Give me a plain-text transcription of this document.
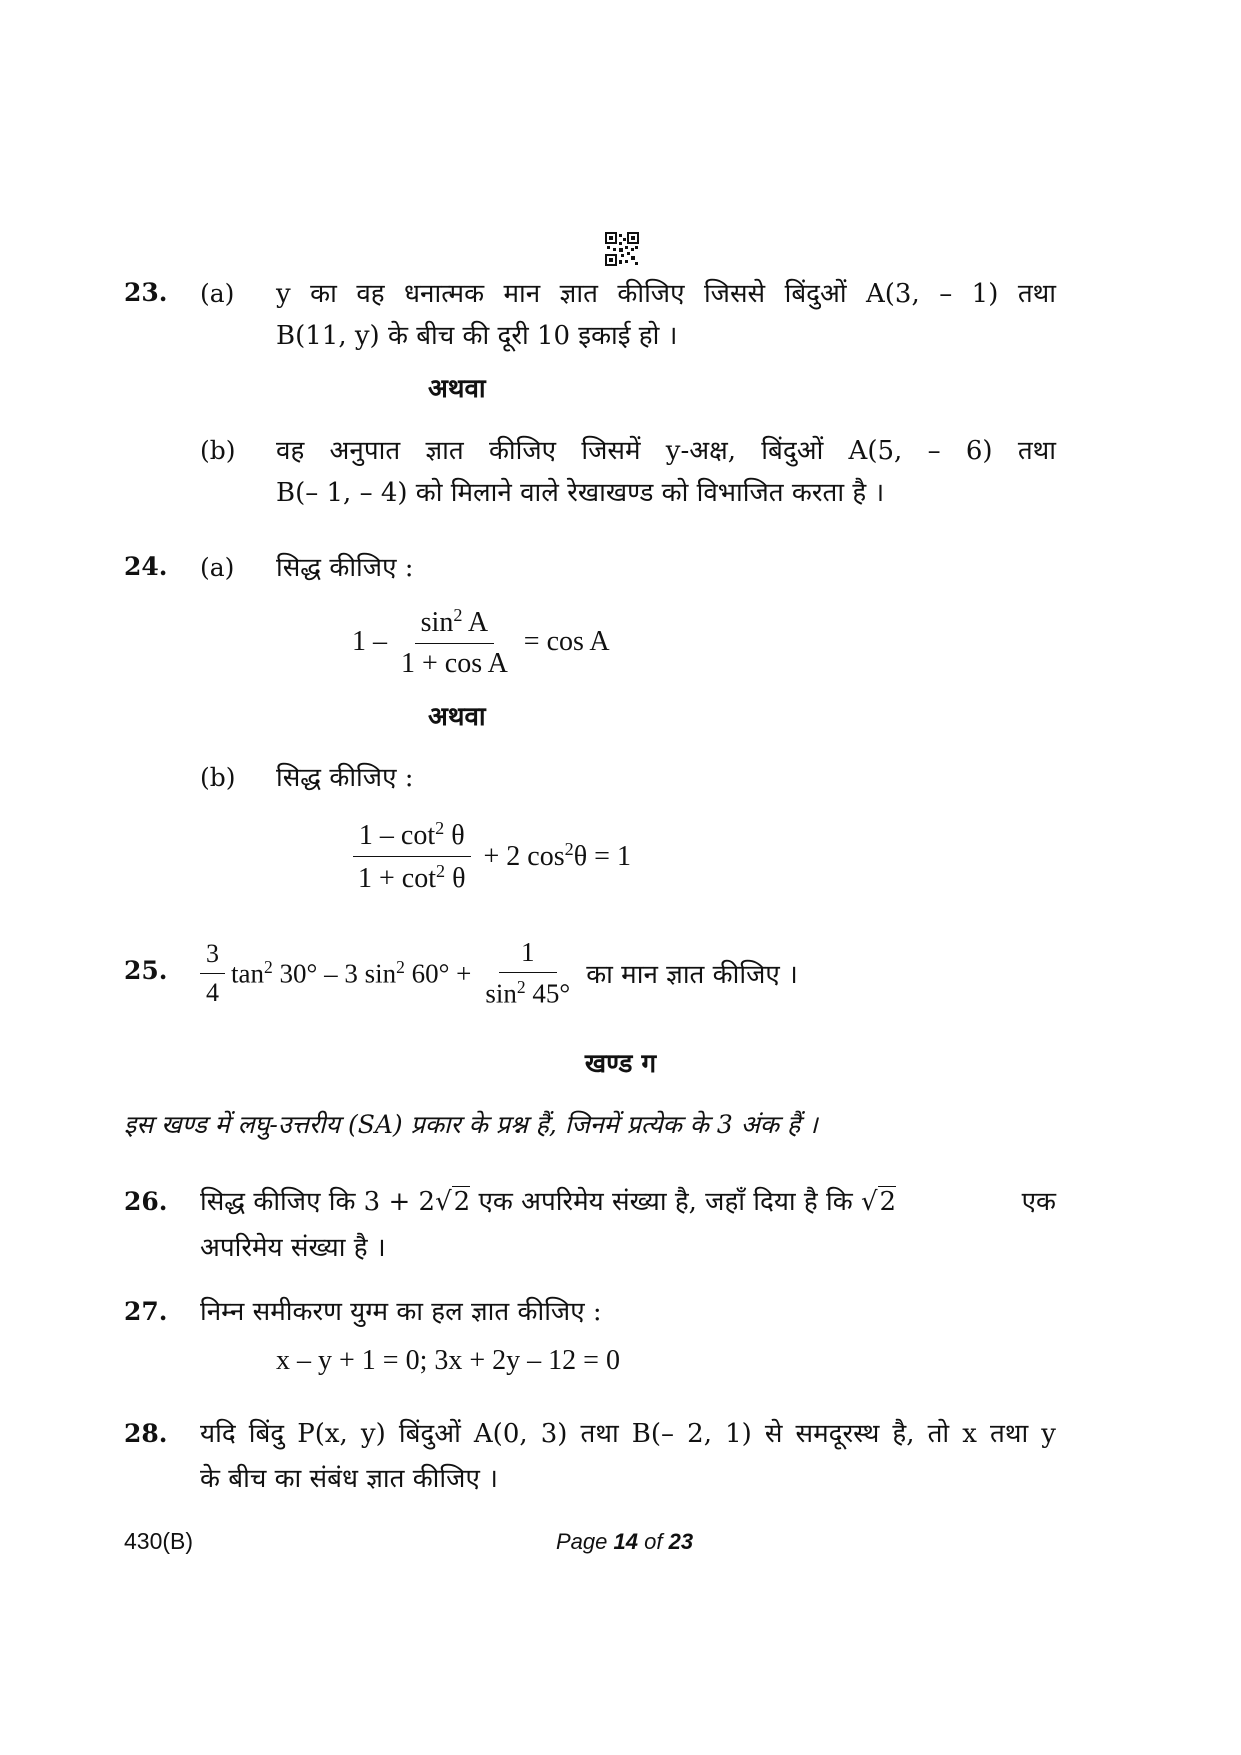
23. (a) y का वह धनात्मक मान ज्ञात कीजिए जिससे बिंदुओं A(3, – 1) तथा
B(11, y) के बीच की दूरी 10 इकाई हो ।
अथवा
(b) वह अनुपात ज्ञात कीजिए जिसमें y-अक्ष, बिंदुओं A(5, – 6) तथा
B(– 1, – 4) को मिलाने वाले रेखाखण्ड को विभाजित करता है ।
24. (a) सिद्ध कीजिए :
$1 - \frac{\sin^2 A}{\text{1 + cos A}} = \cos A$
अथवा
(b) सिद्ध कीजिए :
$\frac{1 - \cot^2 \theta}{1 + \cot^2 \theta} + 2$ $\cos^2\theta = 1$
25. $\frac{3}{4} \tan^2 30^\circ - 3$ $\sin^2 60^\circ + \frac{1}{\sin^2 45^\circ}$ का मान ज्ञात कीजिए ।
खण्ड ग
इस खण्ड में लघु-उत्तरीय (SA) प्रकार के प्रश्न हैं, जिनमें प्रत्येक के 3 अंक हैं ।
26. सिद्ध कीजिए कि 3 + 2√2 एक अपरिमेय संख्या है, जहाँ दिया है कि √2	एक
अपरिमेय संख्या है ।
27. निम्न समीकरण युग्म का हल ज्ञात कीजिए :
x – y + 1 = 0; 3x + 2y – 12 = 0
28. यदि बिंदु P(x, y) बिंदुओं A(0, 3) तथा B(– 2, 1) से समदूरस्थ है, तो x तथा y
के बीच का संबंध ज्ञात कीजिए ।
430(B)	Page 14 of 23
